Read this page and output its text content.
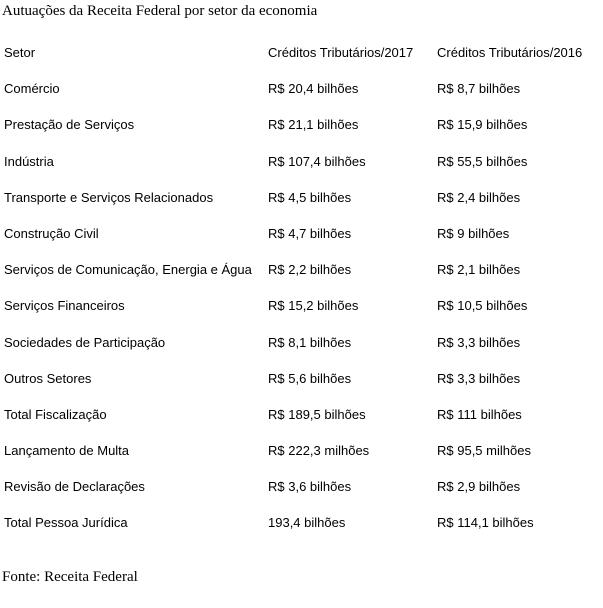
Autuações da Receita Federal por setor da economia
Setor	Créditos Tributários/2017 Créditos Tributários/2016
Comércio	R$ 20,4 bilhões	R$ 8,7 bilhões
Prestação de Serviços	R$ 21,1 bilhões	R$ 15,9 bilhões
Indústria	R$ 107,4 bilhões	R$ 55,5 bilhões
Transporte e Serviços Relacionados	R$ 4,5 bilhões	R$ 2,4 bilhões
Construção Civil	R$ 4,7 bilhões	R$ 9 bilhões
Serviços de Comunicação, Energia e Água R$ 2,2 bilhões	R$ 2,1 bilhões
Serviços Financeiros	R$ 15,2 bilhões	R$ 10,5 bilhões
Sociedades de Participação	R$ 8,1 bilhões	R$ 3,3 bilhões
Outros Setores	R$ 5,6 bilhões	R$ 3,3 bilhões
Total Fiscalização	R$ 189,5 bilhões	R$ 111 bilhões
Lançamento de Multa	R$ 222,3 milhões	R$ 95,5 milhões
Revisão de Declarações	R$ 3,6 bilhões	R$ 2,9 bilhões
Total Pessoa Jurídica	193,4 bilhões	R$ 114,1 bilhões
Fonte: Receita Federal
